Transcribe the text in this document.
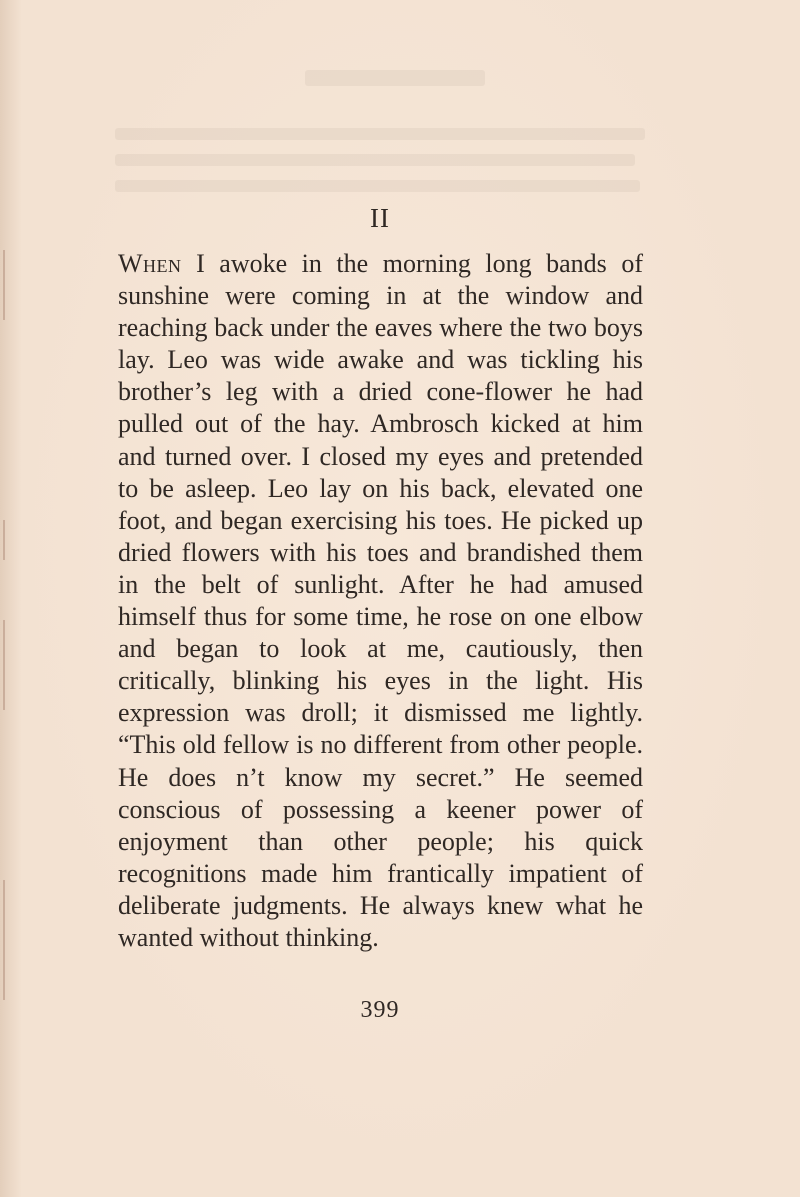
II

When I awoke in the morning long bands of sunshine were coming in at the window and reaching back under the eaves where the two boys lay. Leo was wide awake and was tickling his brother’s leg with a dried cone-flower he had pulled out of the hay. Ambrosch kicked at him and turned over. I closed my eyes and pretended to be asleep. Leo lay on his back, elevated one foot, and began exercising his toes. He picked up dried flowers with his toes and brandished them in the belt of sunlight. After he had amused himself thus for some time, he rose on one elbow and began to look at me, cautiously, then critically, blinking his eyes in the light. His expression was droll; it dismissed me lightly. “This old fellow is no different from other people. He does n’t know my secret.” He seemed conscious of possessing a keener power of enjoyment than other people; his quick recognitions made him frantically impatient of deliberate judgments. He always knew what he wanted without thinking.

399
